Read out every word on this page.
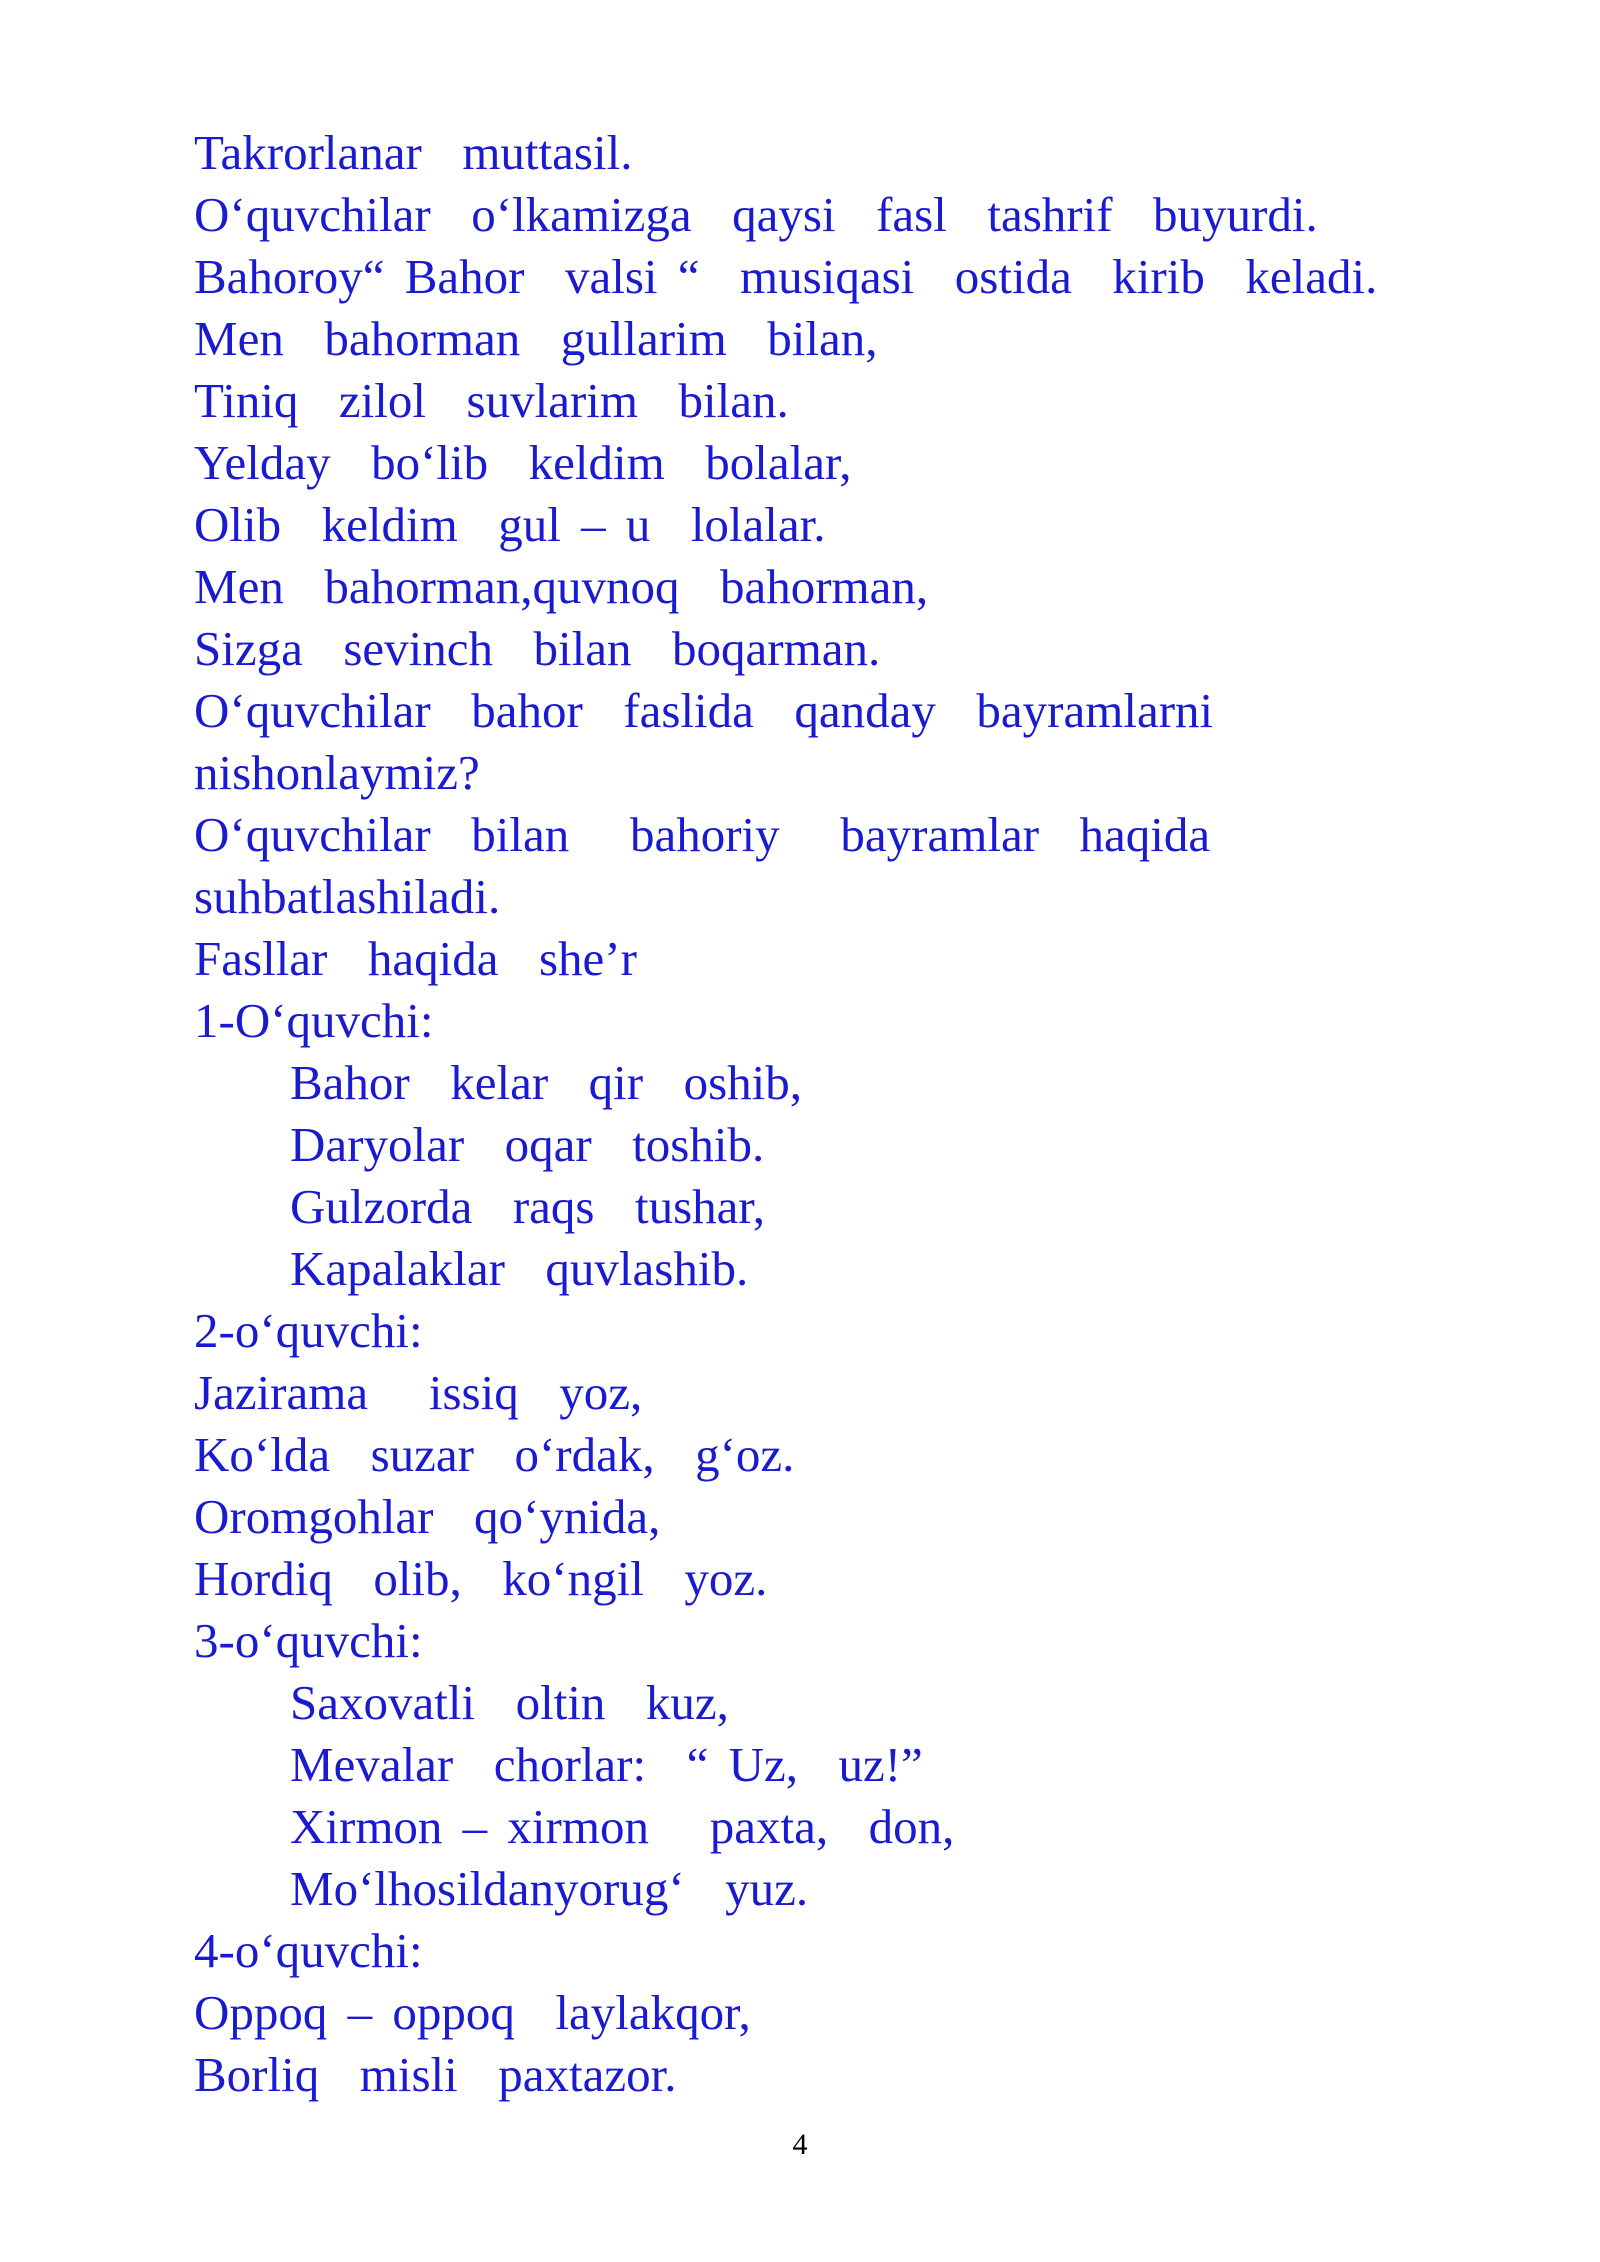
Takrorlanar  muttasil.
O‘quvchilar  o‘lkamizga  qaysi  fasl  tashrif  buyurdi.
Bahoroy“ Bahor  valsi “  musiqasi  ostida  kirib  keladi.
Men  bahorman  gullarim  bilan,
Tiniq  zilol  suvlarim  bilan.
Yelday  bo‘lib  keldim  bolalar,
Olib  keldim  gul – u  lolalar.
Men  bahorman,quvnoq  bahorman,
Sizga  sevinch  bilan  boqarman.
O‘quvchilar  bahor  faslida  qanday  bayramlarni
nishonlaymiz?
O‘quvchilar  bilan   bahoriy   bayramlar  haqida
suhbatlashiladi.
Fasllar  haqida  she’r
1-O‘quvchi:
Bahor  kelar  qir  oshib,
Daryolar  oqar  toshib.
Gulzorda  raqs  tushar,
Kapalaklar  quvlashib.
2-o‘quvchi:
Jazirama   issiq  yoz,
Ko‘lda  suzar  o‘rdak,  g‘oz.
Oromgohlar  qo‘ynida,
Hordiq  olib,  ko‘ngil  yoz.
3-o‘quvchi:
Saxovatli  oltin  kuz,
Mevalar  chorlar:  “ Uz,  uz!”
Xirmon – xirmon   paxta,  don,
Mo‘lhosildanyorug‘  yuz.
4-o‘quvchi:
Oppoq – oppoq  laylakqor,
Borliq  misli  paxtazor.
4
